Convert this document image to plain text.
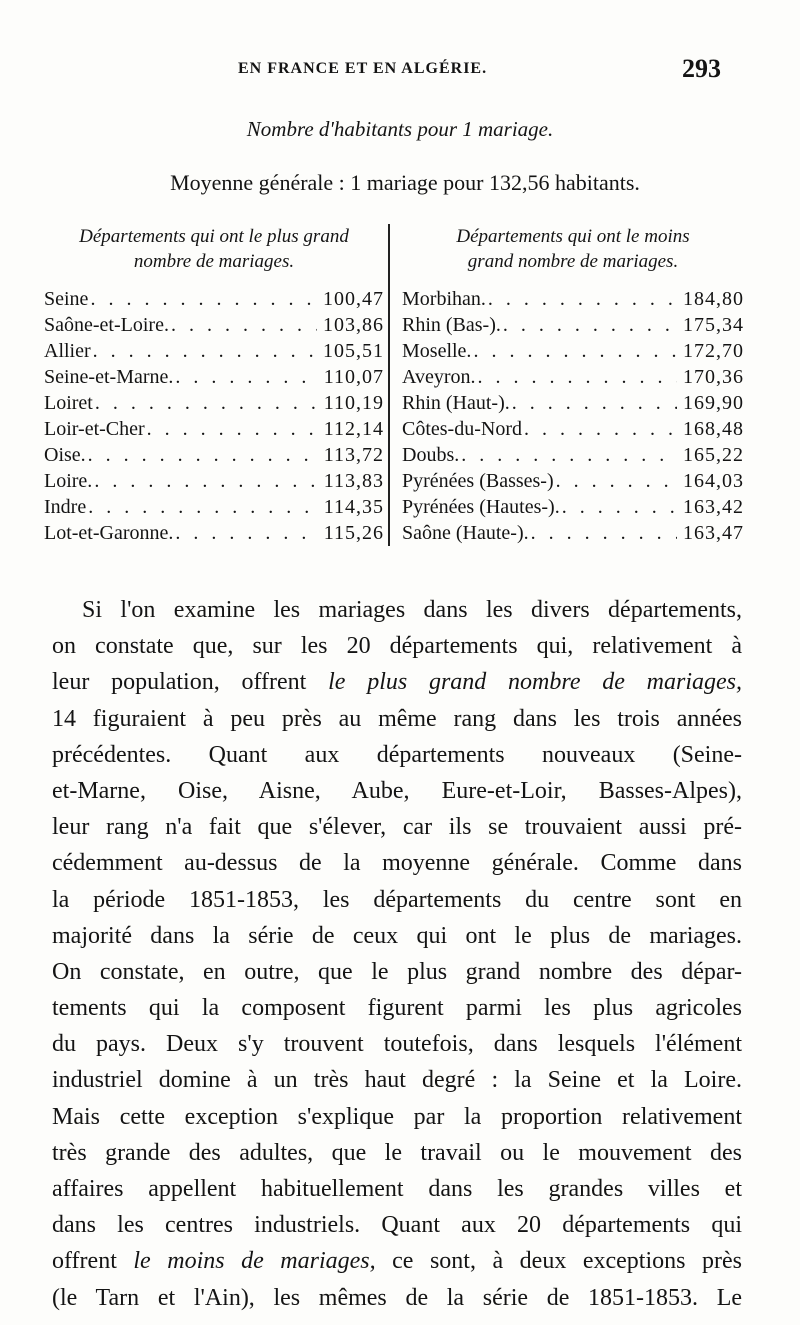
EN FRANCE ET EN ALGÉRIE.	293
Nombre d'habitants pour 1 mariage.
Moyenne générale : 1 mariage pour 132,56 habitants.
Départements qui ont le plus grand
nombre de mariages.
Seine . . .	100,47
Saône-et-Loire. . . .	103,86
Allier . . .	105,51
Seine-et-Marne. . . .	110,07
Loiret . . .	110,19
Loir-et-Cher . . .	112,14
Oise. . . .	113,72
Loire. . . .	113,83
Indre . . .	114,35
Lot-et-Garonne. . . .	115,26
Départements qui ont le moins
grand nombre de mariages.
Morbihan. . . .	184,80
Rhin (Bas-). . . .	175,34
Moselle. . . .	172,70
Aveyron. . . .	170,36
Rhin (Haut-). . . .	169,90
Côtes-du-Nord . . .	168,48
Doubs. . . .	165,22
Pyrénées (Basses-) . . .	164,03
Pyrénées (Hautes-). . . .	163,42
Saône (Haute-). . . .	163,47
Si l'on examine les mariages dans les divers départements,
on constate que, sur les 20 départements qui, relativement à
leur population, offrent le plus grand nombre de mariages,
14 figuraient à peu près au même rang dans les trois années
précédentes. Quant aux départements nouveaux (Seine-
et-Marne, Oise, Aisne, Aube, Eure-et-Loir, Basses-Alpes),
leur rang n'a fait que s'élever, car ils se trouvaient aussi pré-
cédemment au-dessus de la moyenne générale. Comme dans
la période 1851-1853, les départements du centre sont en
majorité dans la série de ceux qui ont le plus de mariages.
On constate, en outre, que le plus grand nombre des dépar-
tements qui la composent figurent parmi les plus agricoles
du pays. Deux s'y trouvent toutefois, dans lesquels l'élément
industriel domine à un très haut degré : la Seine et la Loire.
Mais cette exception s'explique par la proportion relativement
très grande des adultes, que le travail ou le mouvement des
affaires appellent habituellement dans les grandes villes et
dans les centres industriels. Quant aux 20 départements qui
offrent le moins de mariages, ce sont, à deux exceptions près
(le Tarn et l'Ain), les mêmes de la série de 1851-1853. Le
